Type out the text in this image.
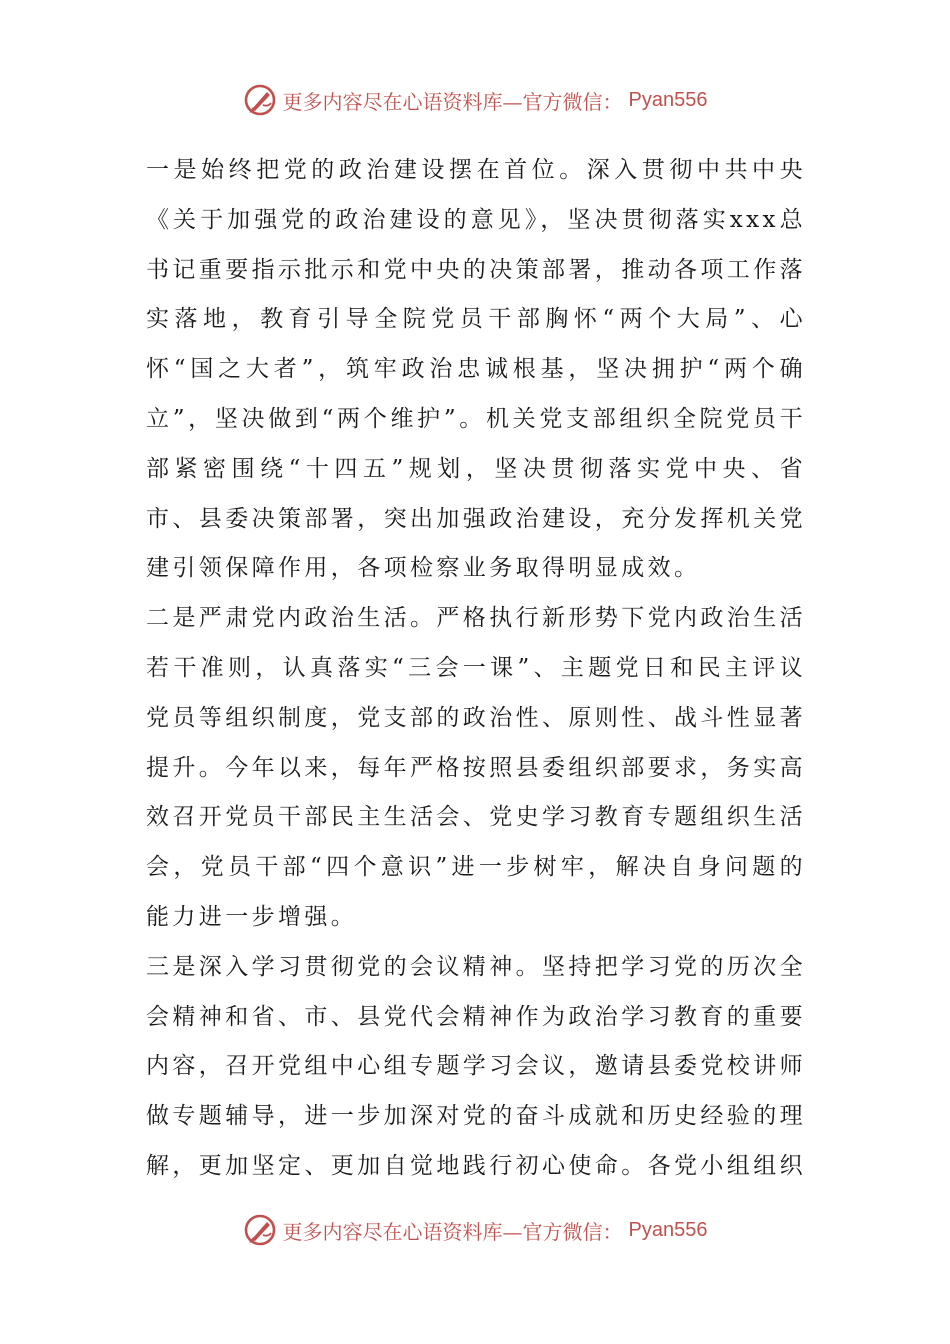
更多内容尽在心语资料库—官方微信： Pyan556

一是始终把党的政治建设摆在首位。深入贯彻中共中央《关于加强党的政治建设的意见》，坚决贯彻落实xxx总书记重要指示批示和党中央的决策部署，推动各项工作落实落地，教育引导全院党员干部胸怀“两个大局”、心怀“国之大者”，筑牢政治忠诚根基，坚决拥护“两个确立”，坚决做到“两个维护”。机关党支部组织全院党员干部紧密围绕“十四五”规划，坚决贯彻落实党中央、省市、县委决策部署，突出加强政治建设，充分发挥机关党建引领保障作用，各项检察业务取得明显成效。

二是严肃党内政治生活。严格执行新形势下党内政治生活若干准则，认真落实“三会一课”、主题党日和民主评议党员等组织制度，党支部的政治性、原则性、战斗性显著提升。今年以来，每年严格按照县委组织部要求，务实高效召开党员干部民主生活会、党史学习教育专题组织生活会，党员干部“四个意识”进一步树牢，解决自身问题的能力进一步增强。

三是深入学习贯彻党的会议精神。坚持把学习党的历次全会精神和省、市、县党代会精神作为政治学习教育的重要内容，召开党组中心组专题学习会议，邀请县委党校讲师做专题辅导，进一步加深对党的奋斗成就和历史经验的理解，更加坚定、更加自觉地践行初心使命。各党小组组织

更多内容尽在心语资料库—官方微信： Pyan556
